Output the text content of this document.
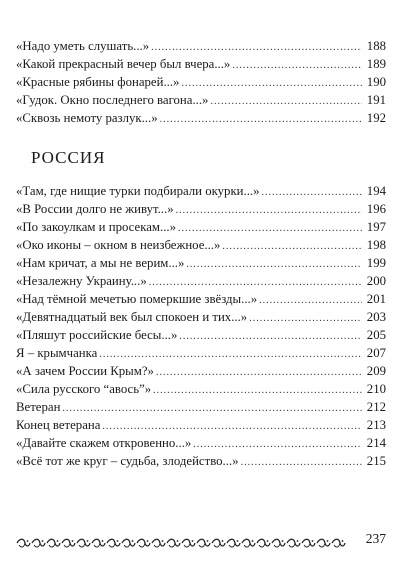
«Надо уметь слушать...» .....	188
«Какой прекрасный вечер был вчера...» .....	189
«Красные рябины фонарей...» .....	190
«Гудок. Окно последнего вагона...» .....	191
«Сквозь немоту разлук...» .....	192
РОССИЯ
«Там, где нищие турки подбирали окурки...» .....	194
«В России долго не живут...» .....	196
«По закоулкам и просекам...» .....	197
«Око иконы – окном в неизбежное...» .....	198
«Нам кричат, а мы не верим...» .....	199
«Незалежну Украину...» .....	200
«Над тёмной мечетью померкшие звёзды...» .....	201
«Девятнадцатый век был спокоен и тих...» .....	203
«Пляшут российские бесы...» .....	205
Я – крымчанка .....	207
«А зачем России Крым?» .....	209
«Сила русского “авось”» .....	210
Ветеран .....	212
Конец ветерана .....	213
«Давайте скажем откровенно...» .....	214
«Всё тот же круг – судьба, злодейство...» .....	215
237
